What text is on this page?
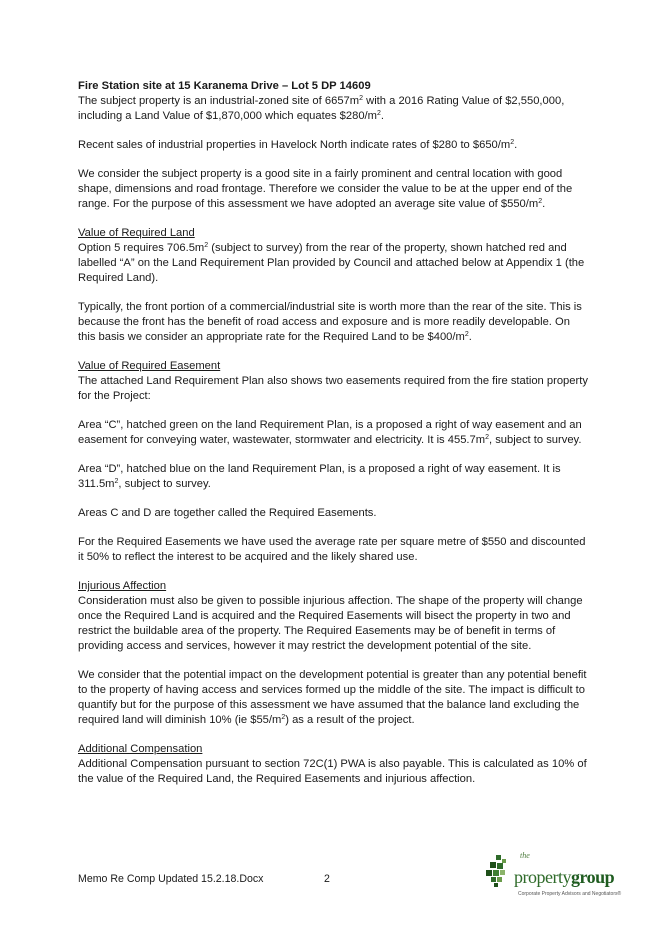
Fire Station site at 15 Karanema Drive – Lot 5 DP 14609
The subject property is an industrial-zoned site of $6657m^2$ with a 2016 Rating Value of $2,550,000, including a Land Value of $1,870,000 which equates $\$280/m^2$.

Recent sales of industrial properties in Havelock North indicate rates of $280 to $\$650/m^2$.

We consider the subject property is a good site in a fairly prominent and central location with good shape, dimensions and road frontage. Therefore we consider the value to be at the upper end of the range. For the purpose of this assessment we have adopted an average site value of $\$550/m^2$.

Value of Required Land
Option 5 requires $706.5m^2$ (subject to survey) from the rear of the property, shown hatched red and labelled “A” on the Land Requirement Plan provided by Council and attached below at Appendix 1 (the Required Land).

Typically, the front portion of a commercial/industrial site is worth more than the rear of the site. This is because the front has the benefit of road access and exposure and is more readily developable. On this basis we consider an appropriate rate for the Required Land to be $\$400/m^2$.

Value of Required Easement
The attached Land Requirement Plan also shows two easements required from the fire station property for the Project:

Area “C”, hatched green on the land Requirement Plan, is a proposed a right of way easement and an easement for conveying water, wastewater, stormwater and electricity. It is $455.7m^2$, subject to survey.

Area “D”, hatched blue on the land Requirement Plan, is a proposed a right of way easement. It is $311.5m^2$, subject to survey.

Areas C and D are together called the Required Easements.

For the Required Easements we have used the average rate per square metre of $550 and discounted it 50% to reflect the interest to be acquired and the likely shared use.

Injurious Affection
Consideration must also be given to possible injurious affection. The shape of the property will change once the Required Land is acquired and the Required Easements will bisect the property in two and restrict the buildable area of the property. The Required Easements may be of benefit in terms of providing access and services, however it may restrict the development potential of the site.

We consider that the potential impact on the development potential is greater than any potential benefit to the property of having access and services formed up the middle of the site. The impact is difficult to quantify but for the purpose of this assessment we have assumed that the balance land excluding the required land will diminish 10% (ie $\$55/m^2$) as a result of the project.

Additional Compensation
Additional Compensation pursuant to section 72C(1) PWA is also payable. This is calculated as 10% of the value of the Required Land, the Required Easements and injurious affection.

Memo Re Comp Updated 15.2.18.Docx	2
the
propertygroup
Corporate Property Advisors and Negotiators®
